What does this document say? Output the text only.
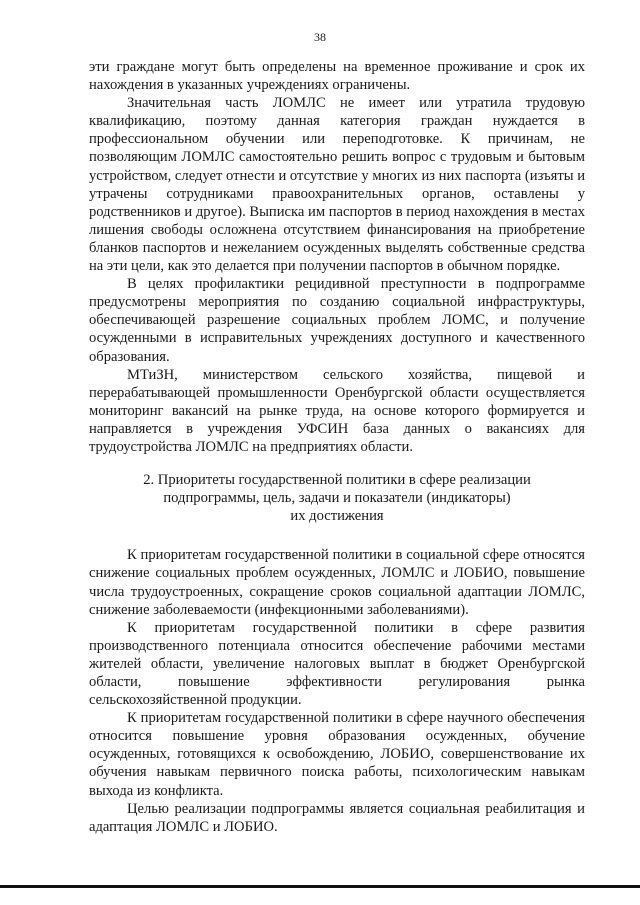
38

эти граждане могут быть определены на временное проживание и срок их нахождения в указанных учреждениях ограничены.

Значительная часть ЛОМЛС не имеет или утратила трудовую квалификацию, поэтому данная категория граждан нуждается в профессиональном обучении или переподготовке. К причинам, не позволяющим ЛОМЛС самостоятельно решить вопрос с трудовым и бытовым устройством, следует отнести и отсутствие у многих из них паспорта (изъяты и утрачены сотрудниками правоохранительных органов, оставлены у родственников и другое). Выписка им паспортов в период нахождения в местах лишения свободы осложнена отсутствием финансирования на приобретение бланков паспортов и нежеланием осужденных выделять собственные средства на эти цели, как это делается при получении паспортов в обычном порядке.

В целях профилактики рецидивной преступности в подпрограмме предусмотрены мероприятия по созданию социальной инфраструктуры, обеспечивающей разрешение социальных проблем ЛОМС, и получение осужденными в исправительных учреждениях доступного и качественного образования.

МТиЗН, министерством сельского хозяйства, пищевой и перерабатывающей промышленности Оренбургской области осуществляется мониторинг вакансий на рынке труда, на основе которого формируется и направляется в учреждения УФСИН база данных о вакансиях для трудоустройства ЛОМЛС на предприятиях области.

2. Приоритеты государственной политики в сфере реализации
подпрограммы, цель, задачи и показатели (индикаторы)
их достижения

К приоритетам государственной политики в социальной сфере относятся снижение социальных проблем осужденных, ЛОМЛС и ЛОБИО, повышение числа трудоустроенных, сокращение сроков социальной адаптации ЛОМЛС, снижение заболеваемости (инфекционными заболеваниями).

К приоритетам государственной политики в сфере развития производственного потенциала относится обеспечение рабочими местами жителей области, увеличение налоговых выплат в бюджет Оренбургской области, повышение эффективности регулирования рынка сельскохозяйственной продукции.

К приоритетам государственной политики в сфере научного обеспечения относится повышение уровня образования осужденных, обучение осужденных, готовящихся к освобождению, ЛОБИО, совершенствование их обучения навыкам первичного поиска работы, психологическим навыкам выхода из конфликта.

Целью реализации подпрограммы является социальная реабилитация и адаптация ЛОМЛС и ЛОБИО.
